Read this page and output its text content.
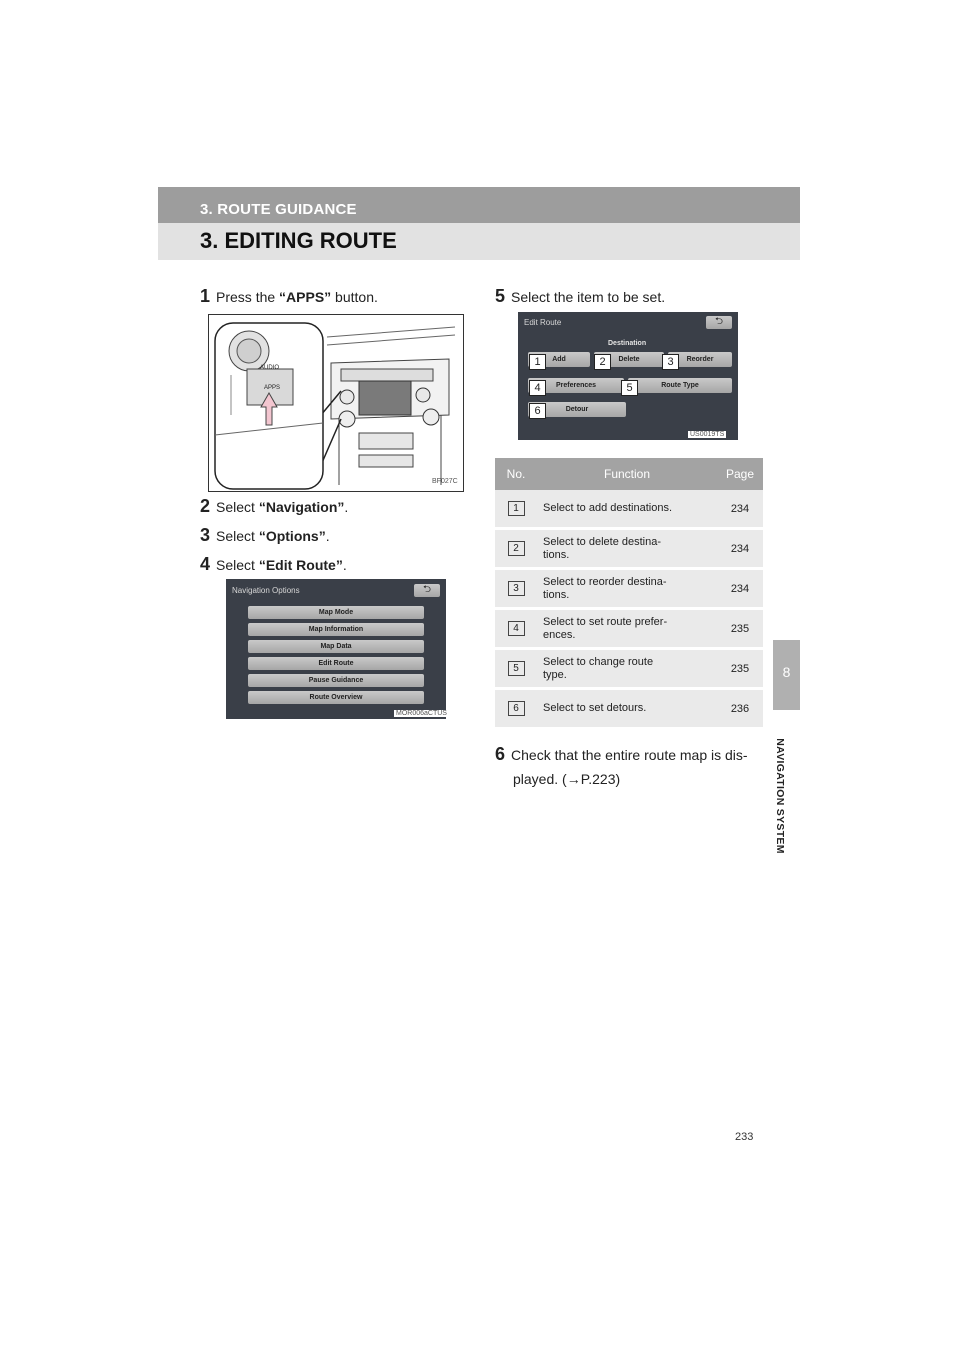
3. ROUTE GUIDANCE
3. EDITING ROUTE
8
NAVIGATION SYSTEM
1 Press the “APPS” button.
AUDIO
APPS
BF027C
2 Select “Navigation”.
3 Select “Options”.
4 Select “Edit Route”.
Navigation Options	⮌
Map Mode
Map Information
Map Data
Edit Route
Pause Guidance
Route Overview
MOR006aCTUS
5 Select the item to be set.
Edit Route	⮌
Destination
Add	Delete	Reorder
Preferences	Route Type
Detour
1	2	3
4	5
6
US0019TS
No.	Function	Page
1	Select to add destinations.	234
2	Select to delete destina-
tions.	234
3	Select to reorder destina-
tions.	234
4	Select to set route prefer-
ences.	235
5	Select to change route
type.	235
6	Select to set detours.	236
6 Check that the entire route map is dis-
played. (→P.223)
233
